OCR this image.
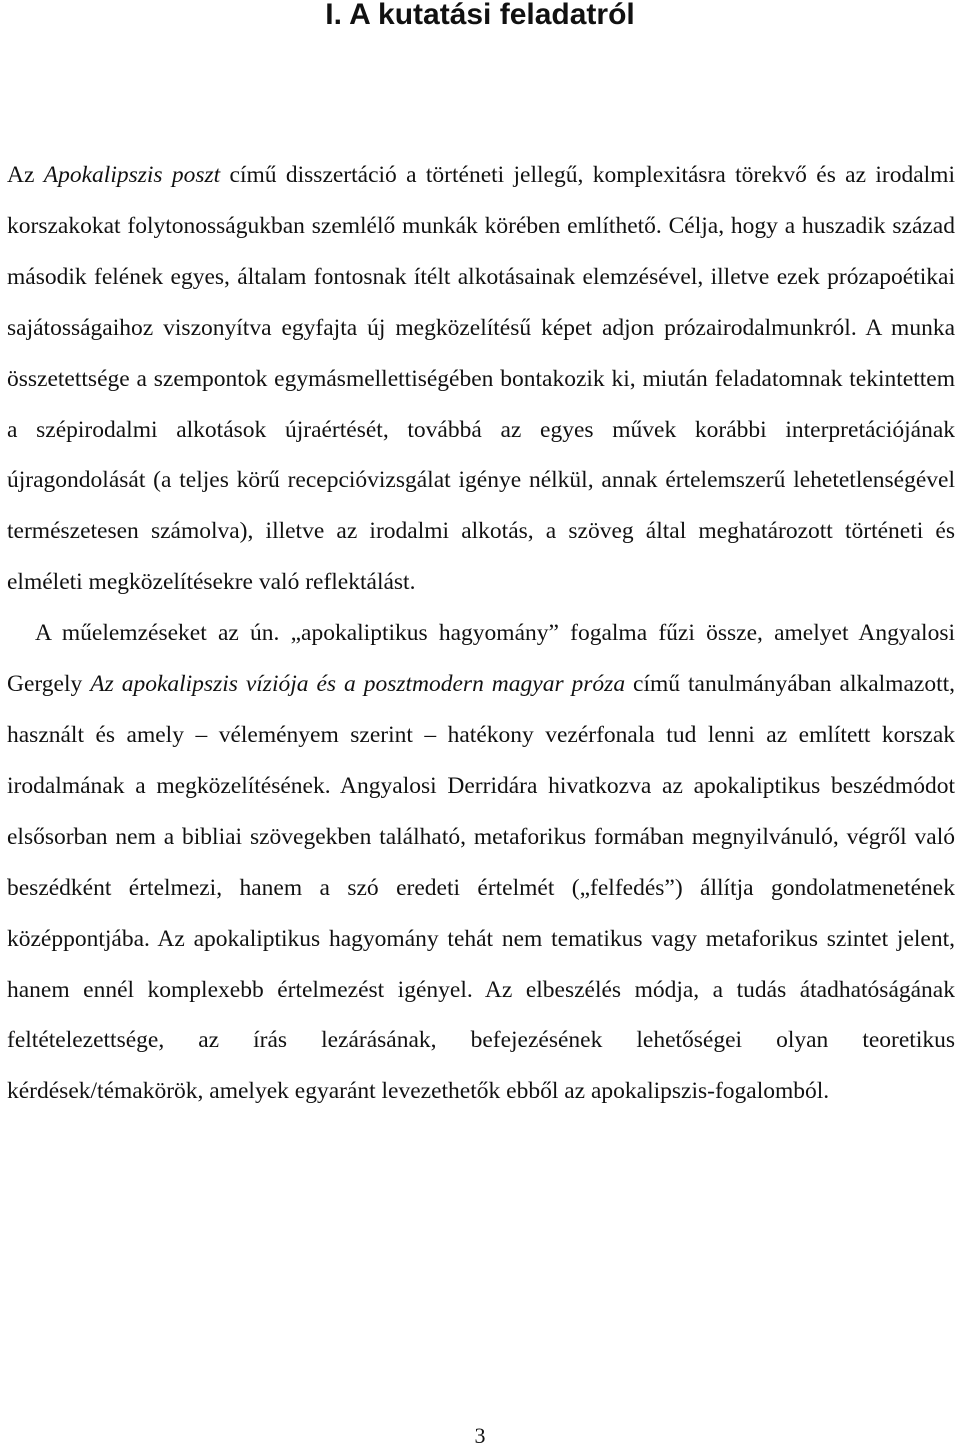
I. A kutatási feladatról

Az Apokalipszis poszt című disszertáció a történeti jellegű, komplexitásra törekvő és az irodalmi korszakokat folytonosságukban szemlélő munkák körében említhető. Célja, hogy a huszadik század második felének egyes, általam fontosnak ítélt alkotásainak elemzésével, illetve ezek prózapoétikai sajátosságaihoz viszonyítva egyfajta új megközelítésű képet adjon prózairodalmunkról. A munka összetettsége a szempontok egymásmellettiségében bontakozik ki, miután feladatomnak tekintettem a szépirodalmi alkotások újraértését, továbbá az egyes művek korábbi interpretációjának újragondolását (a teljes körű recepcióvizsgálat igénye nélkül, annak értelemszerű lehetetlenségével természetesen számolva), illetve az irodalmi alkotás, a szöveg által meghatározott történeti és elméleti megközelítésekre való reflektálást.

A műelemzéseket az ún. „apokaliptikus hagyomány” fogalma fűzi össze, amelyet Angyalosi Gergely Az apokalipszis víziója és a posztmodern magyar próza című tanulmányában alkalmazott, használt és amely – véleményem szerint – hatékony vezérfonala tud lenni az említett korszak irodalmának a megközelítésének. Angyalosi Derridára hivatkozva az apokaliptikus beszédmódot elsősorban nem a bibliai szövegekben található, metaforikus formában megnyilvánuló, végről való beszédként értelmezi, hanem a szó eredeti értelmét („felfedés”) állítja gondolatmenetének középpontjába. Az apokaliptikus hagyomány tehát nem tematikus vagy metaforikus szintet jelent, hanem ennél komplexebb értelmezést igényel. Az elbeszélés módja, a tudás átadhatóságának feltételezettsége, az írás lezárásának, befejezésének lehetőségei olyan teoretikus kérdések/témakörök, amelyek egyaránt levezethetők ebből az apokalipszis-fogalomból.

3
